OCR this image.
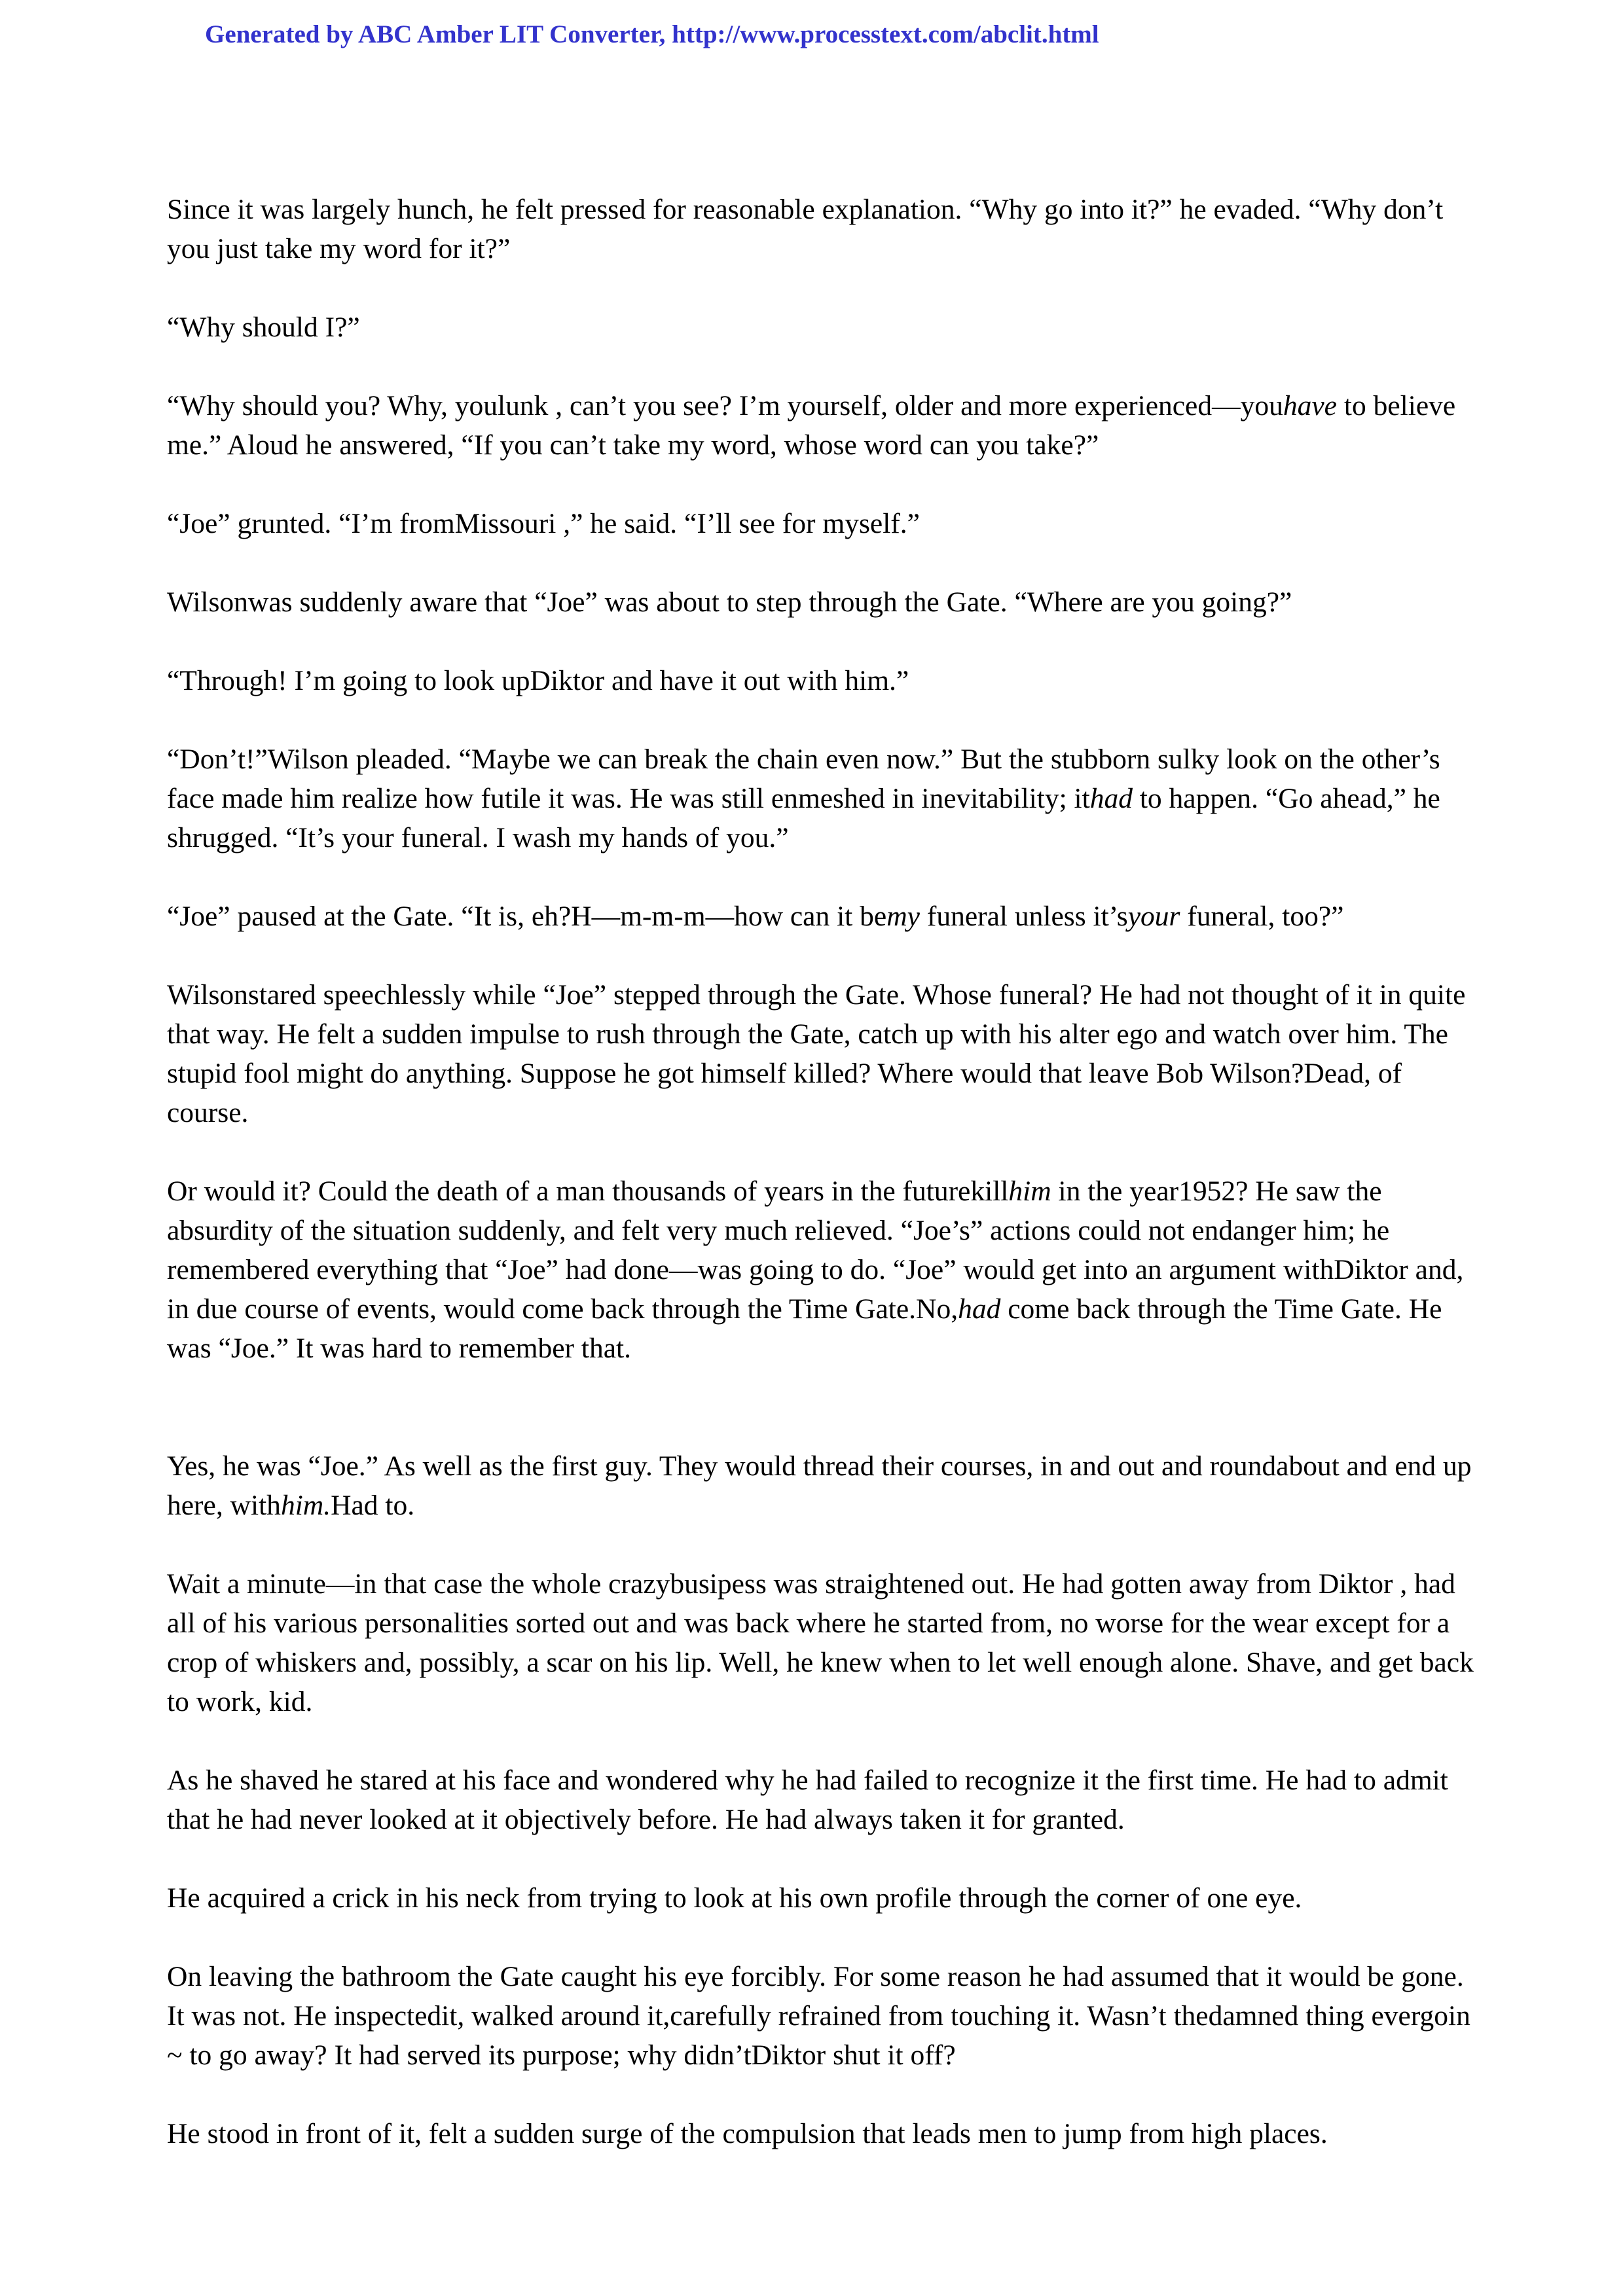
Generated by ABC Amber LIT Converter, http://www.processtext.com/abclit.html

Since it was largely hunch, he felt pressed for reasonable explanation. “Why go into it?” he evaded. “Why don’t you just take my word for it?”

“Why should I?”

“Why should you? Why, youlunk , can’t you see? I’m yourself, older and more experienced—youhave to believe me.” Aloud he answered, “If you can’t take my word, whose word can you take?”

“Joe” grunted. “I’m fromMissouri ,” he said. “I’ll see for myself.”

Wilsonwas suddenly aware that “Joe” was about to step through the Gate. “Where are you going?”

“Through! I’m going to look upDiktor and have it out with him.”

“Don’t!”Wilson pleaded. “Maybe we can break the chain even now.” But the stubborn sulky look on the other’s face made him realize how futile it was. He was still enmeshed in inevitability; ithad to happen. “Go ahead,” he shrugged. “It’s your funeral. I wash my hands of you.”

“Joe” paused at the Gate. “It is, eh?H—m-m-m—how can it bemy funeral unless it’syour funeral, too?”

Wilsonstared speechlessly while “Joe” stepped through the Gate. Whose funeral? He had not thought of it in quite that way. He felt a sudden impulse to rush through the Gate, catch up with his alter ego and watch over him. The stupid fool might do anything. Suppose he got himself killed? Where would that leave Bob Wilson?Dead, of course.

Or would it? Could the death of a man thousands of years in the futurekillhim in the year1952? He saw the absurdity of the situation suddenly, and felt very much relieved. “Joe’s” actions could not endanger him; he remembered everything that “Joe” had done—was going to do. “Joe” would get into an argument withDiktor and, in due course of events, would come back through the Time Gate.No,had come back through the Time Gate. He was “Joe.” It was hard to remember that.

Yes, he was “Joe.” As well as the first guy. They would thread their courses, in and out and roundabout and end up here, withhim.Had to.

Wait a minute—in that case the whole crazybusipess was straightened out. He had gotten away from Diktor , had all of his various personalities sorted out and was back where he started from, no worse for the wear except for a crop of whiskers and, possibly, a scar on his lip. Well, he knew when to let well enough alone. Shave, and get back to work, kid.

As he shaved he stared at his face and wondered why he had failed to recognize it the first time. He had to admit that he had never looked at it objectively before. He had always taken it for granted.

He acquired a crick in his neck from trying to look at his own profile through the corner of one eye.

On leaving the bathroom the Gate caught his eye forcibly. For some reason he had assumed that it would be gone. It was not. He inspectedit, walked around it,carefully refrained from touching it. Wasn’t thedamned thing evergoin ~ to go away? It had served its purpose; why didn’tDiktor shut it off?

He stood in front of it, felt a sudden surge of the compulsion that leads men to jump from high places.
